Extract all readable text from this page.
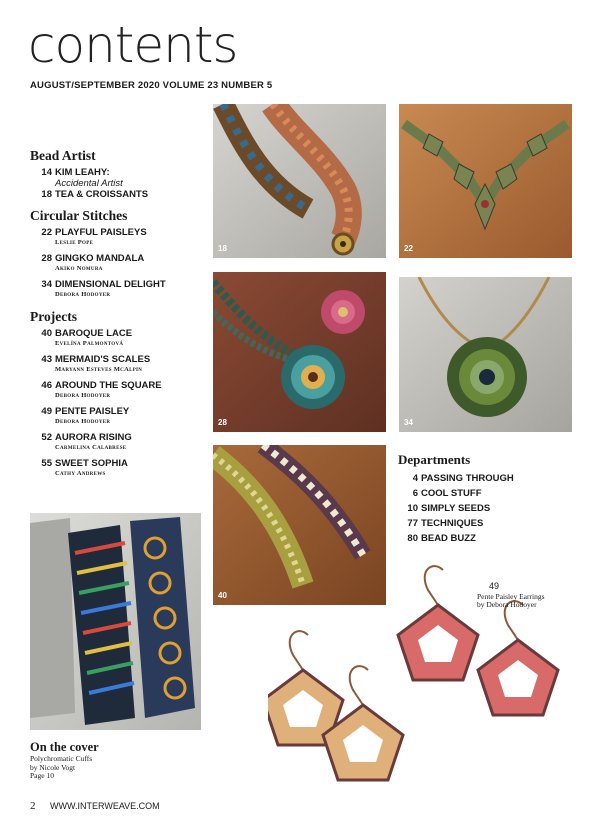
contents
AUGUST/SEPTEMBER 2020 VOLUME 23 NUMBER 5
Bead Artist
14 KIM LEAHY:
Accidental Artist
18 TEA & CROISSANTS
Circular Stitches
22 PLAYFUL PAISLEYS
Leslie Pope
28 GINGKO MANDALA
Akiko Nomura
34 DIMENSIONAL DELIGHT
Debora Hodoyer
Projects
40 BAROQUE LACE
Evelína Palmontová
43 MERMAID'S SCALES
Maryann Esteves McAlpin
46 AROUND THE SQUARE
Debora Hodoyer
49 PENTE PAISLEY
Debora Hodoyer
52 AURORA RISING
Carmelina Calabrese
55 SWEET SOPHIA
Cathy Andrews
18	22
28	34
40
Departments
4 PASSING THROUGH
6 COOL STUFF
10 SIMPLY SEEDS
77 TECHNIQUES
80 BEAD BUZZ
49
Pente Paisley Earrings
by Debora Hodoyer
On the cover
Polychromatic Cuffs
by Nicole Vogt
Page 10
2 WWW.INTERWEAVE.COM
